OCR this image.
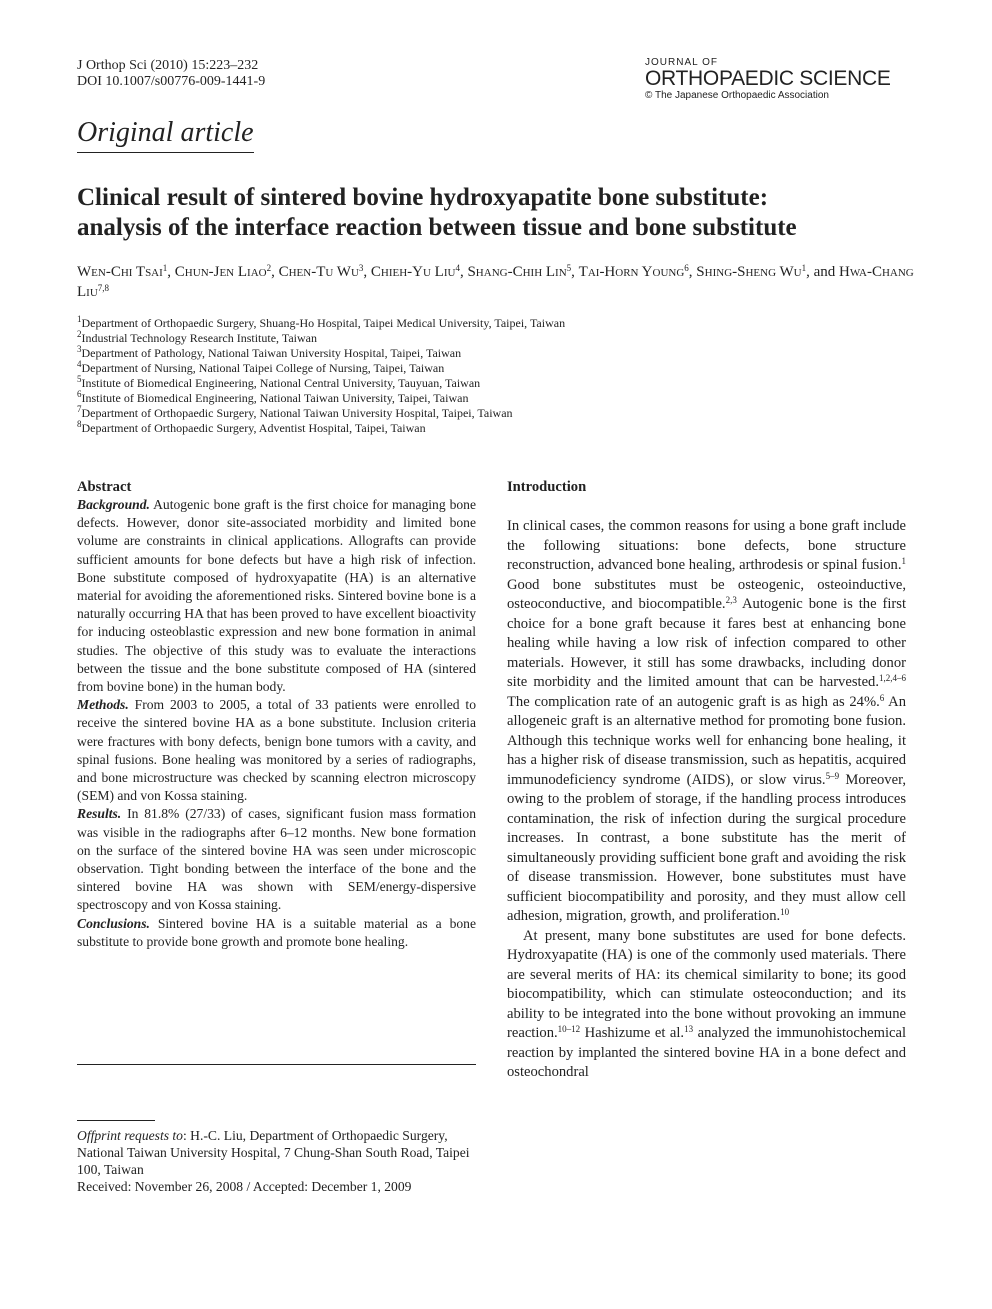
J Orthop Sci (2010) 15:223–232
DOI 10.1007/s00776-009-1441-9
JOURNAL OF
ORTHOPAEDIC SCIENCE
© The Japanese Orthopaedic Association
Original article
Clinical result of sintered bovine hydroxyapatite bone substitute:
analysis of the interface reaction between tissue and bone substitute
Wen-Chi Tsai$^1$, Chun-Jen Liao$^2$, Chen-Tu Wu$^3$, Chieh-Yu Liu$^4$, Shang-Chih Lin$^5$, Tai-Horn Young$^6$, Shing-Sheng Wu$^1$, and Hwa-Chang Liu$^{7,8}$
$^1$Department of Orthopaedic Surgery, Shuang-Ho Hospital, Taipei Medical University, Taipei, Taiwan
$^2$Industrial Technology Research Institute, Taiwan
$^3$Department of Pathology, National Taiwan University Hospital, Taipei, Taiwan
$^4$Department of Nursing, National Taipei College of Nursing, Taipei, Taiwan
$^5$Institute of Biomedical Engineering, National Central University, Tauyuan, Taiwan
$^6$Institute of Biomedical Engineering, National Taiwan University, Taipei, Taiwan
$^7$Department of Orthopaedic Surgery, National Taiwan University Hospital, Taipei, Taiwan
$^8$Department of Orthopaedic Surgery, Adventist Hospital, Taipei, Taiwan
Abstract

Background. Autogenic bone graft is the first choice for managing bone defects. However, donor site-associated morbidity and limited bone volume are constraints in clinical applications. Allografts can provide sufficient amounts for bone defects but have a high risk of infection. Bone substitute composed of hydroxyapatite (HA) is an alternative material for avoiding the aforementioned risks. Sintered bovine bone is a naturally occurring HA that has been proved to have excellent bioactivity for inducing osteoblastic expression and new bone formation in animal studies. The objective of this study was to evaluate the interactions between the tissue and the bone substitute composed of HA (sintered from bovine bone) in the human body.

Methods. From 2003 to 2005, a total of 33 patients were enrolled to receive the sintered bovine HA as a bone substitute. Inclusion criteria were fractures with bony defects, benign bone tumors with a cavity, and spinal fusions. Bone healing was monitored by a series of radiographs, and bone microstructure was checked by scanning electron microscopy (SEM) and von Kossa staining.

Results. In 81.8% (27/33) of cases, significant fusion mass formation was visible in the radiographs after 6–12 months. New bone formation on the surface of the sintered bovine HA was seen under microscopic observation. Tight bonding between the interface of the bone and the sintered bovine HA was shown with SEM/energy-dispersive spectroscopy and von Kossa staining.

Conclusions. Sintered bovine HA is a suitable material as a bone substitute to provide bone growth and promote bone healing.

Offprint requests to: H.-C. Liu, Department of Orthopaedic Surgery, National Taiwan University Hospital, 7 Chung-Shan South Road, Taipei 100, Taiwan
Received: November 26, 2008 / Accepted: December 1, 2009
Introduction

In clinical cases, the common reasons for using a bone graft include the following situations: bone defects, bone structure reconstruction, advanced bone healing, arthrodesis or spinal fusion.$^1$ Good bone substitutes must be osteogenic, osteoinductive, osteoconductive, and biocompatible.$^{2,3}$ Autogenic bone is the first choice for a bone graft because it fares best at enhancing bone healing while having a low risk of infection compared to other materials. However, it still has some drawbacks, including donor site morbidity and the limited amount that can be harvested.$^{1,2,4-6}$ The complication rate of an autogenic graft is as high as 24%.$^6$ An allogeneic graft is an alternative method for promoting bone fusion. Although this technique works well for enhancing bone healing, it has a higher risk of disease transmission, such as hepatitis, acquired immunodeficiency syndrome (AIDS), or slow virus.$^{5-9}$ Moreover, owing to the problem of storage, if the handling process introduces contamination, the risk of infection during the surgical procedure increases. In contrast, a bone substitute has the merit of simultaneously providing sufficient bone graft and avoiding the risk of disease transmission. However, bone substitutes must have sufficient biocompatibility and porosity, and they must allow cell adhesion, migration, growth, and proliferation.$^{10}$

At present, many bone substitutes are used for bone defects. Hydroxyapatite (HA) is one of the commonly used materials. There are several merits of HA: its chemical similarity to bone; its good biocompatibility, which can stimulate osteoconduction; and its ability to be integrated into the bone without provoking an immune reaction.$^{10-12}$ Hashizume et al.$^{13}$ analyzed the immunohistochemical reaction by implanted the sintered bovine HA in a bone defect and osteochondral
